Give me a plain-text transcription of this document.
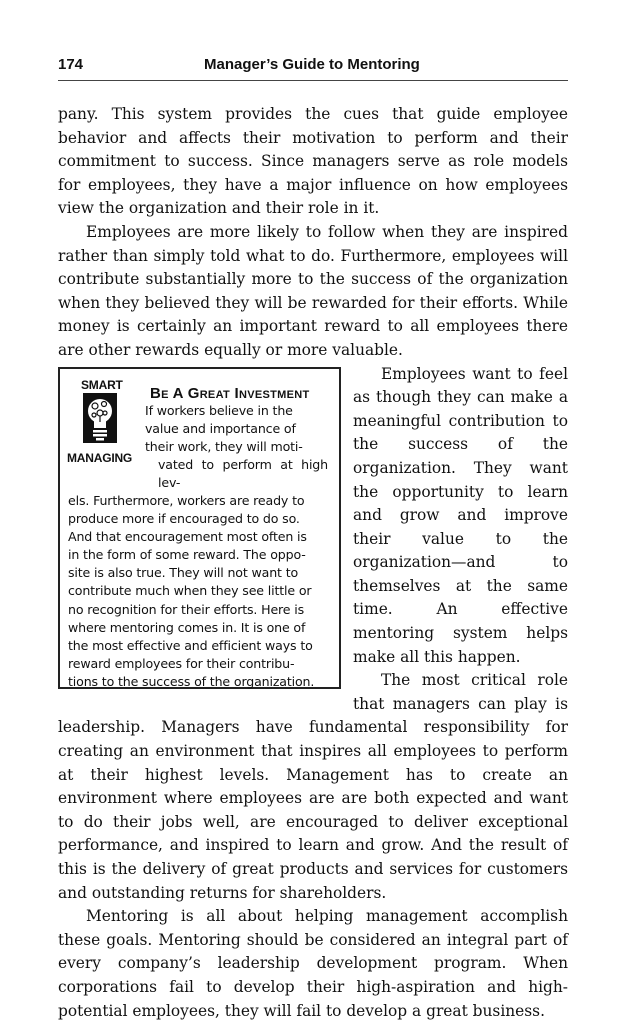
174	Manager’s Guide to Mentoring

pany. This system provides the cues that guide employee behavior and affects their motivation to perform and their commitment to success. Since managers serve as role models for employees, they have a major influence on how employees view the organization and their role in it.

Employees are more likely to follow when they are inspired rather than simply told what to do. Furthermore, employees will contribute substantially more to the success of the organization when they believed they will be rewarded for their efforts. While money is certainly an important reward to all employees there are other rewards equally or more valuable.

SMART
MANAGING
Be A Great Investment

If workers believe in the

value and importance of

their work, they will moti-

vated to perform at high lev-

els. Furthermore, workers are ready to

produce more if encouraged to do so.

And that encouragement most often is

in the form of some reward. The oppo-

site is also true. They will not want to

contribute much when they see little or

no recognition for their efforts. Here is

where mentoring comes in. It is one of

the most effective and efficient ways to

reward employees for their contribu-

tions to the success of the organization.

Employees want to feel as though they can make a meaningful contribution to the success of the organization. They want the opportunity to learn and grow and improve their value to the organization—and to themselves at the same time. An effective mentoring system helps make all this happen.

The most critical role that managers can play is leadership. Managers have fundamental responsibility for creating an environment that inspires all employees to perform at their highest levels. Management has to create an environment where employees are are both expected and want to do their jobs well, are encouraged to deliver exceptional performance, and inspired to learn and grow. And the result of this is the delivery of great products and services for customers and outstanding returns for shareholders.

Mentoring is all about helping management accomplish these goals. Mentoring should be considered an integral part of every company’s leadership development program. When corporations fail to develop their high-aspiration and high-potential employees, they will fail to develop a great business.
